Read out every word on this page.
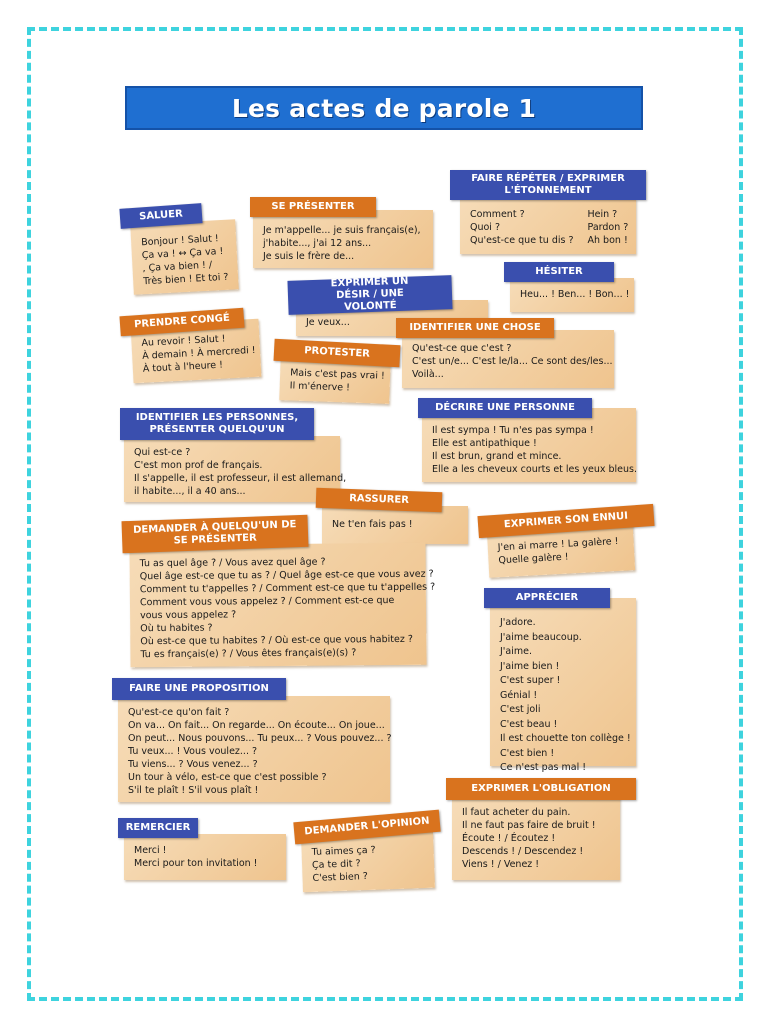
Les actes de parole 1
Bonjour ! Salut !
Ça va ! ↔ Ça va !
, Ça va bien ! /
Très bien ! Et toi ?
SALUER
Je m'appelle... je suis français(e),
j'habite..., j'ai 12 ans...
Je suis le frère de...
SE PRÉSENTER
Comment ?
Quoi ?
Qu'est-ce que tu dis ?
Hein ?
Pardon ?
Ah bon !
FAIRE RÉPÉTER / EXPRIMER L'ÉTONNEMENT
Heu... ! Ben... ! Bon... !
HÉSITER
Je veux...
EXPRIMER UN DÉSIR / UNE VOLONTÉ
Au revoir ! Salut !
À demain ! À mercredi !
À tout à l'heure !
PRENDRE CONGÉ
Qu'est-ce que c'est ?
C'est un/e... C'est le/la... Ce sont des/les...
Voilà...
IDENTIFIER UNE CHOSE
Mais c'est pas vrai !
Il m'énerve !
PROTESTER
Qui est-ce ?
C'est mon prof de français.
Il s'appelle, il est professeur, il est allemand,
il habite..., il a 40 ans...
IDENTIFIER LES PERSONNES, PRÉSENTER QUELQU'UN	Il est sympa ! Tu n'es pas sympa !
Elle est antipathique !
Il est brun, grand et mince.
Elle a les cheveux courts et les yeux bleus.
DÉCRIRE UNE PERSONNE
Ne t'en fais pas !
RASSURER
Tu as quel âge ? / Vous avez quel âge ?
Quel âge est-ce que tu as ? / Quel âge est-ce que vous avez ?
Comment tu t'appelles ? / Comment est-ce que tu t'appelles ?
Comment vous vous appelez ? / Comment est-ce que
vous vous appelez ?
Où tu habites ?
Où est-ce que tu habites ? / Où est-ce que vous habitez ?
Tu es français(e) ? / Vous êtes français(e)(s) ?
DEMANDER À QUELQU'UN DE SE PRÉSENTER	J'en ai marre ! La galère !
Quelle galère !
EXPRIMER SON ENNUI
J'adore.
J'aime beaucoup.
J'aime.
J'aime bien !
C'est super !
Génial !
C'est joli
C'est beau !
Il est chouette ton collège !
C'est bien !
Ce n'est pas mal !
APPRÉCIER
Qu'est-ce qu'on fait ?
On va... On fait... On regarde... On écoute... On joue...
On peut... Nous pouvons... Tu peux... ? Vous pouvez... ?
Tu veux... ! Vous voulez... ?
Tu viens... ? Vous venez... ?
Un tour à vélo, est-ce que c'est possible ?
S'il te plaît ! S'il vous plaît !
FAIRE UNE PROPOSITION
Il faut acheter du pain.
Il ne faut pas faire de bruit !
Écoute ! / Écoutez !
Descends ! / Descendez !
Viens ! / Venez !
EXPRIMER L'OBLIGATION
Merci !
Merci pour ton invitation !
REMERCIER
Tu aimes ça ?
Ça te dit ?
C'est bien ?
DEMANDER L'OPINION
